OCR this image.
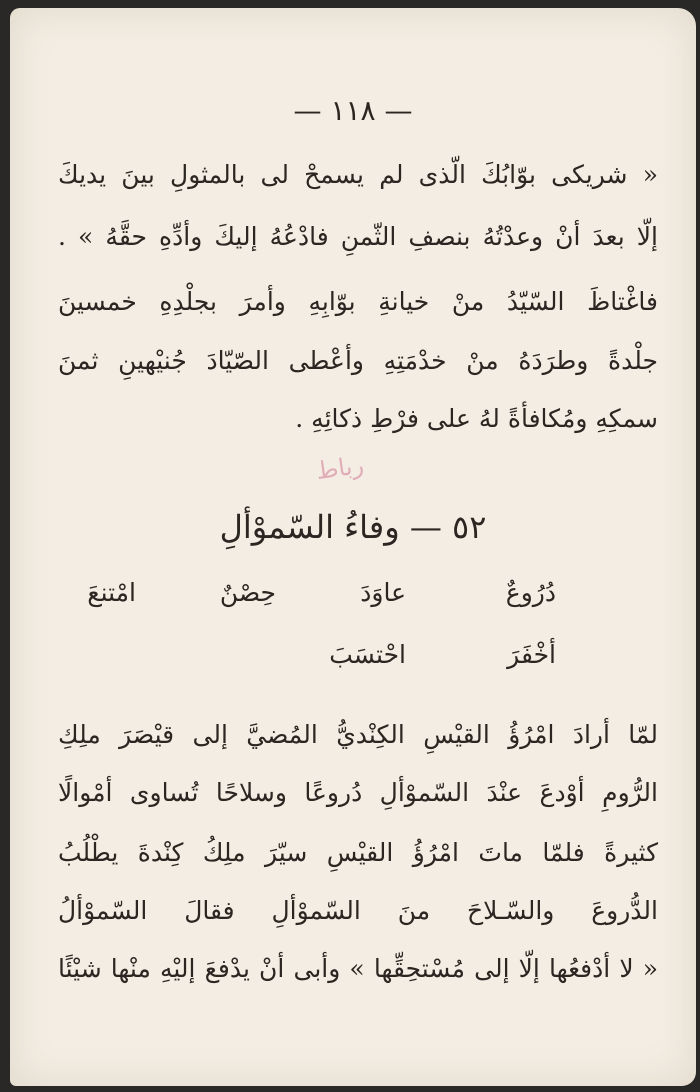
— ١١٨ —
« شريكى بوّابُكَ الّذى لم يسمحْ لى بالمثولِ بينَ يديكَ
إلّا بعدَ أنْ وعدْتُهُ بنصفِ الثّمنِ فادْعُهُ إليكَ وأدِّهِ حقَّهُ » .
فاغْتاظَ السّيّدُ منْ خيانةِ بوّابِهِ وأمرَ بجلْدِهِ خمسينَ
جلْدةً وطرَدَهُ منْ خدْمَتِهِ وأعْطى الصّيّادَ جُنيْهينِ ثمنَ
سمكِهِ ومُكافأةً لهُ على فرْطِ ذكائِهِ .
رباط
٥٢ — وفاءُ السّموْألِ
دُرُوعٌ
عاوَدَ
حِصْنٌ
امْتنعَ
أخْفَرَ
احْتسَبَ
لمّا أرادَ امْرُؤُ القيْسِ الكِنْديُّ المُضيَّ إلى قيْصَرَ ملِكِ
الرُّومِ أوْدعَ عنْدَ السّموْألِ دُروعًا وسلاحًا تُساوى أمْوالًا
كثيرةً فلمّا ماتَ امْرُؤُ القيْسِ سيّرَ ملِكُ كِنْدةَ يطْلُبُ
الدُّروعَ والسّـلاحَ منَ السّموْألِ فقالَ السّموْألُ
« لا أدْفعُها إلّا إلى مُسْتحِقِّها » وأبى أنْ يدْفعَ إليْهِ منْها شيْئًا
